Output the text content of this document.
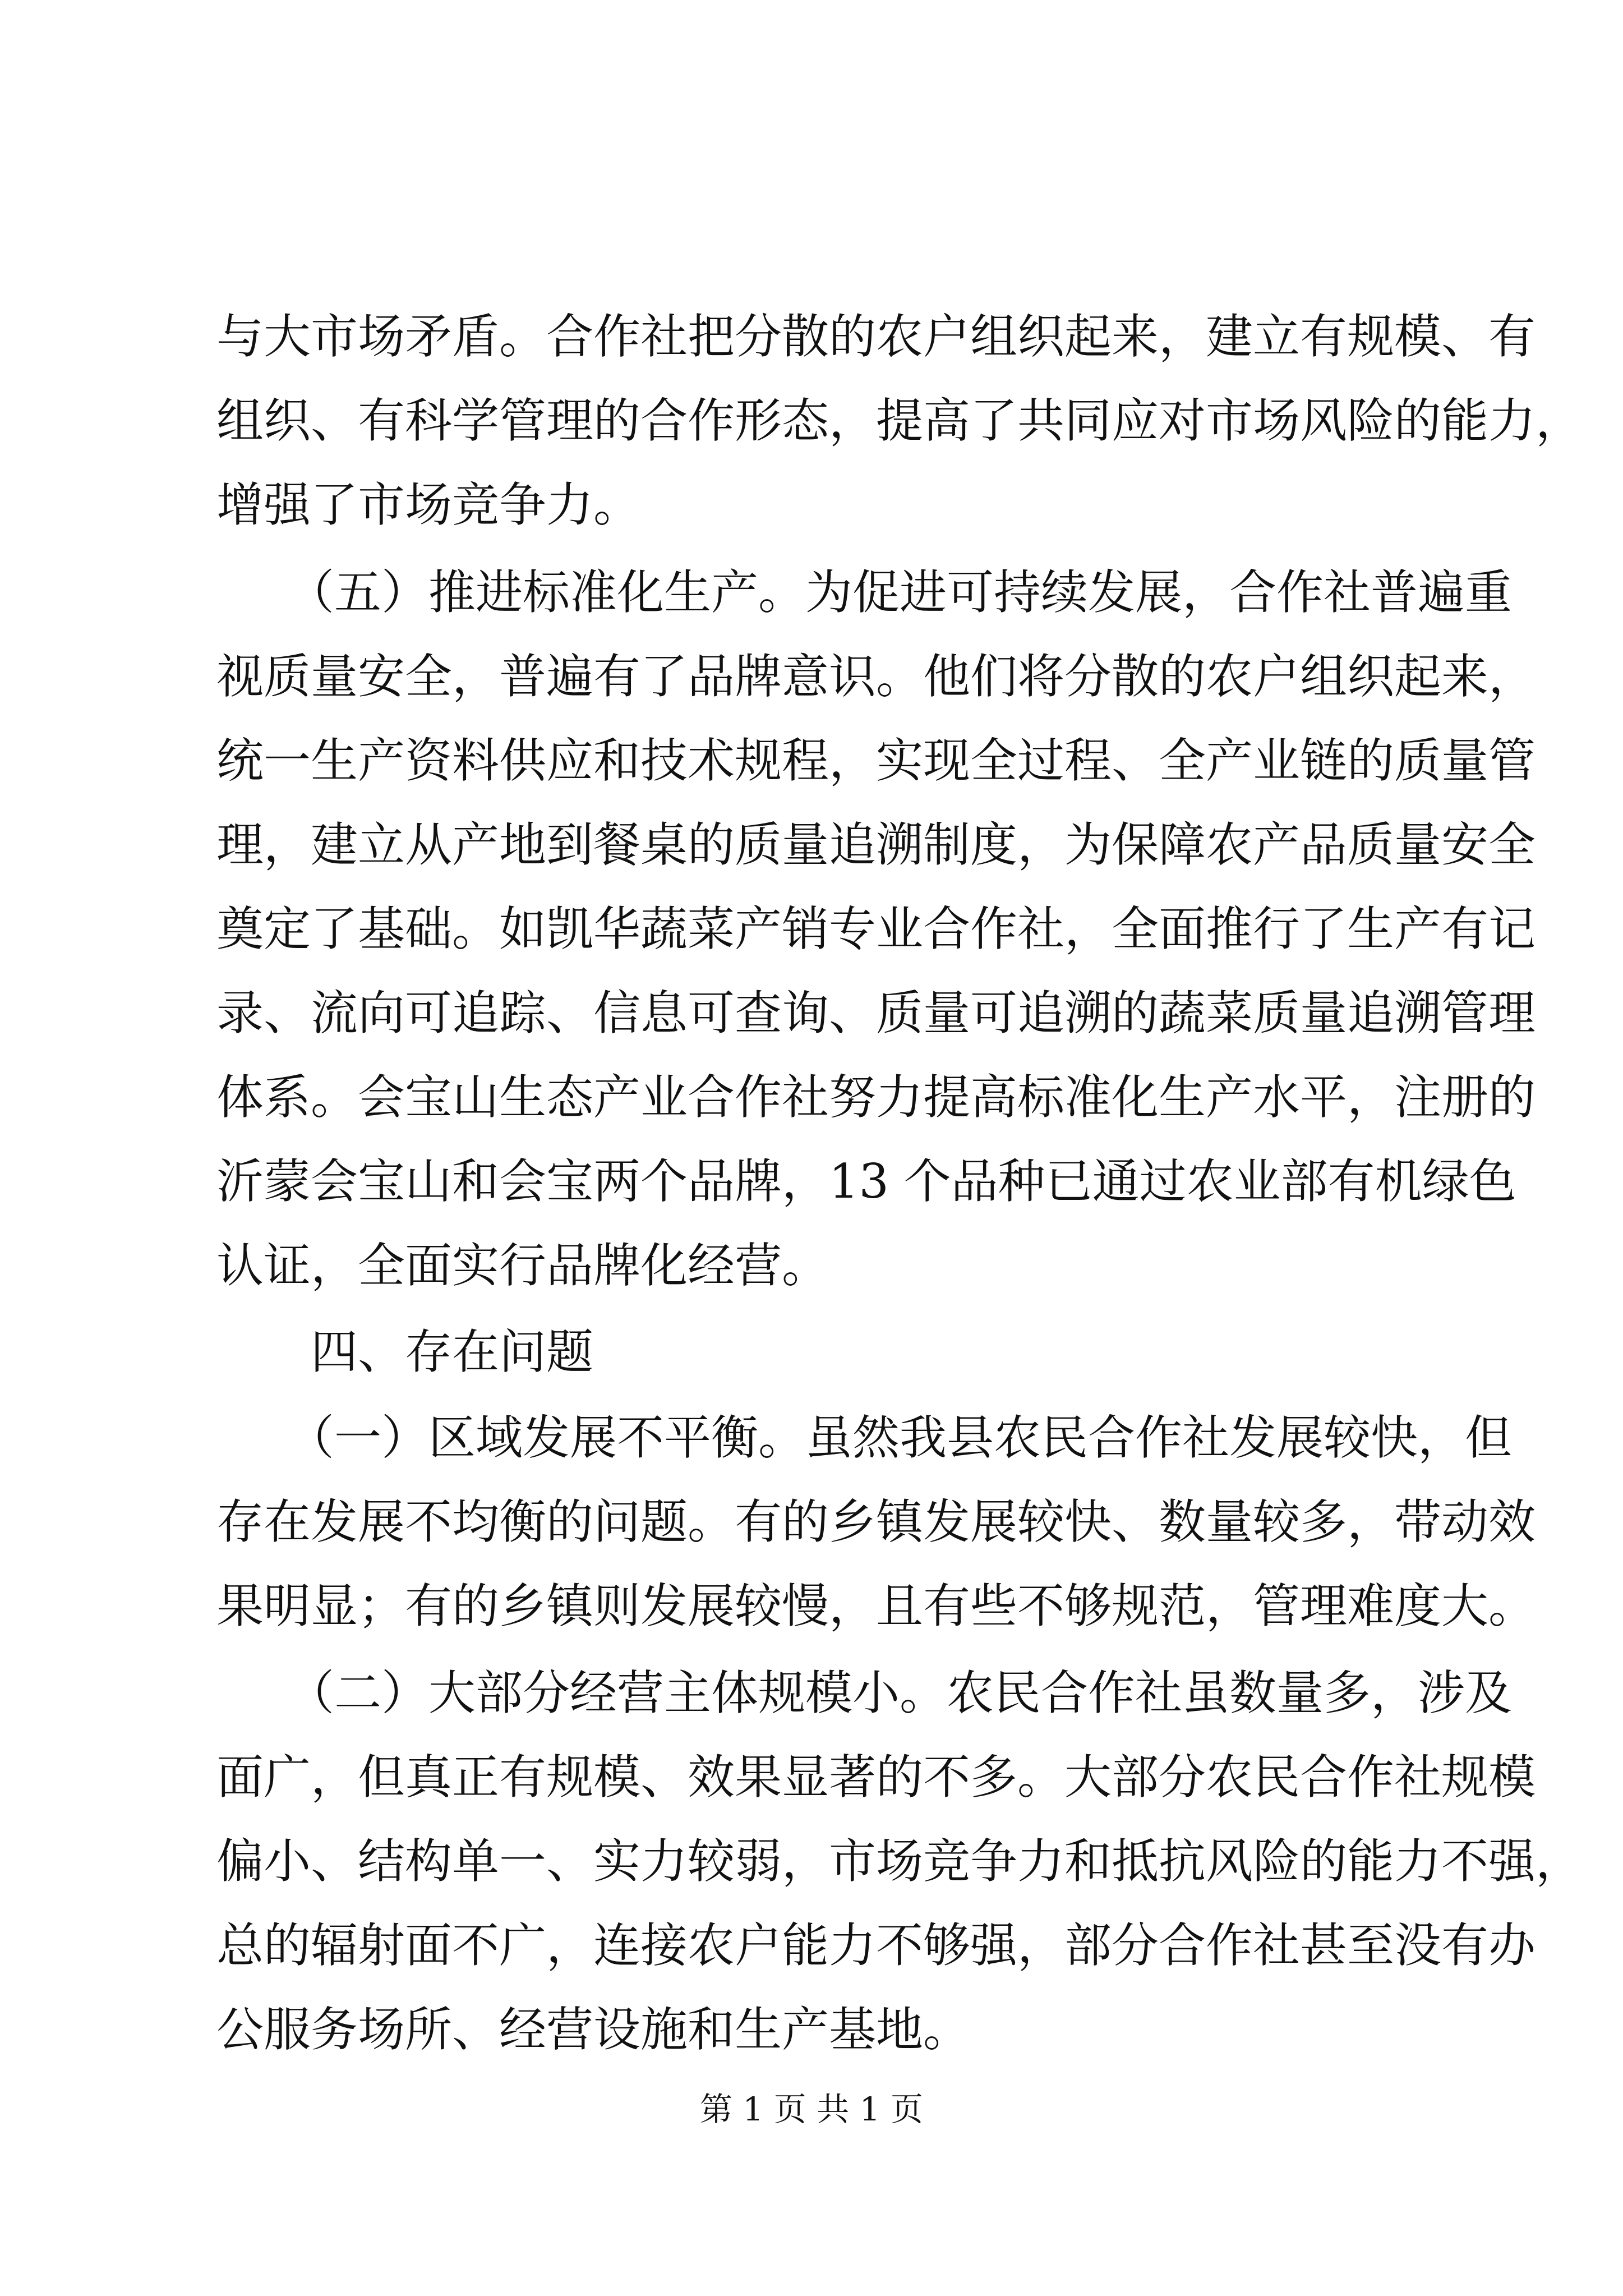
与大市场矛盾。合作社把分散的农户组织起来，建立有规模、有
组织、有科学管理的合作形态，提高了共同应对市场风险的能力，
增强了市场竞争力。
　　（五）推进标准化生产。为促进可持续发展，合作社普遍重
视质量安全，普遍有了品牌意识。他们将分散的农户组织起来，
统一生产资料供应和技术规程，实现全过程、全产业链的质量管
理，建立从产地到餐桌的质量追溯制度，为保障农产品质量安全
奠定了基础。如凯华蔬菜产销专业合作社，全面推行了生产有记
录、流向可追踪、信息可查询、质量可追溯的蔬菜质量追溯管理
体系。会宝山生态产业合作社努力提高标准化生产水平，注册的
沂蒙会宝山和会宝两个品牌，13 个品种已通过农业部有机绿色
认证，全面实行品牌化经营。
　　四、存在问题
　　（一）区域发展不平衡。虽然我县农民合作社发展较快，但
存在发展不均衡的问题。有的乡镇发展较快、数量较多，带动效
果明显；有的乡镇则发展较慢，且有些不够规范，管理难度大。
　　（二）大部分经营主体规模小。农民合作社虽数量多，涉及
面广，但真正有规模、效果显著的不多。大部分农民合作社规模
偏小、结构单一、实力较弱，市场竞争力和抵抗风险的能力不强，
总的辐射面不广，连接农户能力不够强，部分合作社甚至没有办
公服务场所、经营设施和生产基地。
第 1 页 共 1 页
